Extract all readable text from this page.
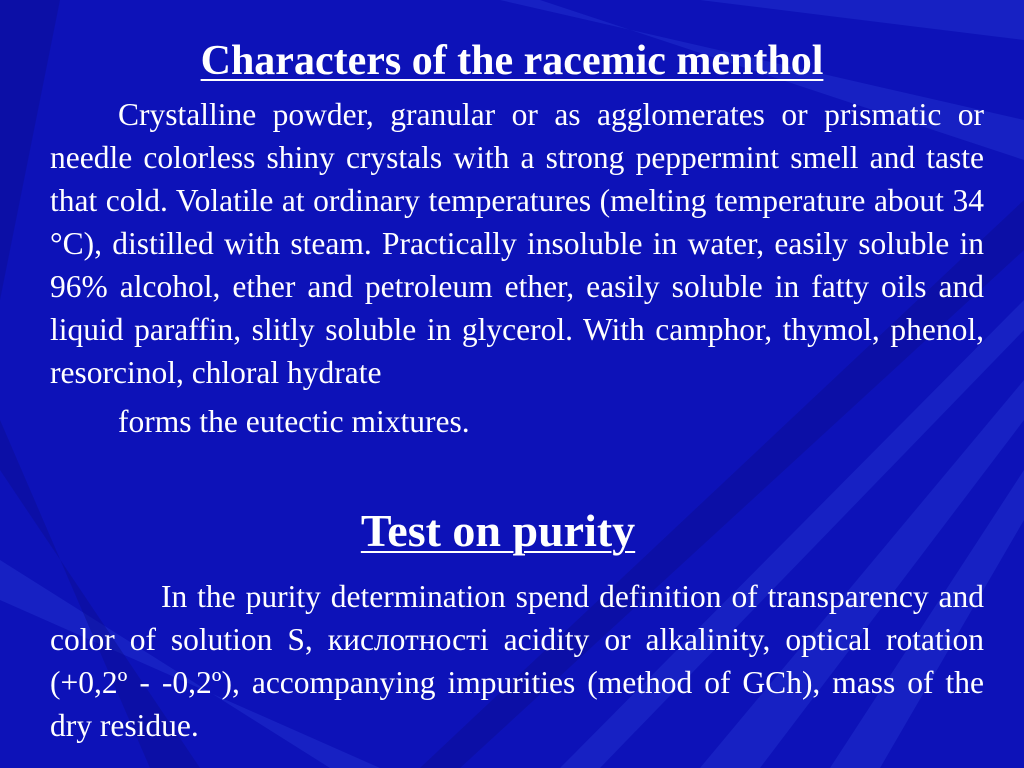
Characters of the racemic menthol

Crystalline powder, granular or as agglomerates or prismatic or needle colorless shiny crystals with a strong peppermint smell and taste that cold. Volatile at ordinary temperatures (melting temperature about 34 °C), distilled with steam. Practically insoluble in water, easily soluble in 96% alcohol, ether and petroleum ether, easily soluble in fatty oils and liquid paraffin, slitly soluble in glycerol. With camphor, thymol, phenol, resorcinol, chloral hydrate
forms the eutectic mixtures.

Test on purity

In the purity determination spend definition of transparency and color of solution S, кислотності acidity or alkalinity, optical rotation (+0,2º - -0,2º), accompanying impurities (method of GCh), mass of the dry residue.
